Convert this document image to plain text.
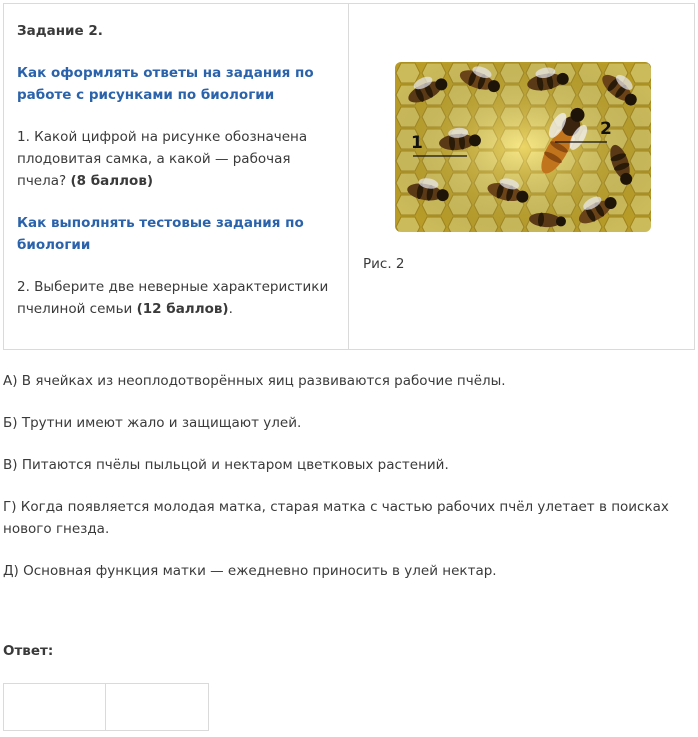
Задание 2.

Как оформлять ответы на задания по работе с рисунками по биологии

1. Какой цифрой на рисунке обозначена плодовитая самка, а какой — рабочая пчела? (8 баллов)

Как выполнять тестовые задания по биологии

2. Выберите две неверные характеристики пчелиной семьи (12 баллов).

1
2
Рис. 2

А) В ячейках из неоплодотворённых яиц развиваются рабочие пчёлы.

Б) Трутни имеют жало и защищают улей.

В) Питаются пчёлы пыльцой и нектаром цветковых растений.

Г) Когда появляется молодая матка, старая матка с частью рабочих пчёл улетает в поисках нового гнезда.

Д) Основная функция матки — ежедневно приносить в улей нектар.

Ответ:
